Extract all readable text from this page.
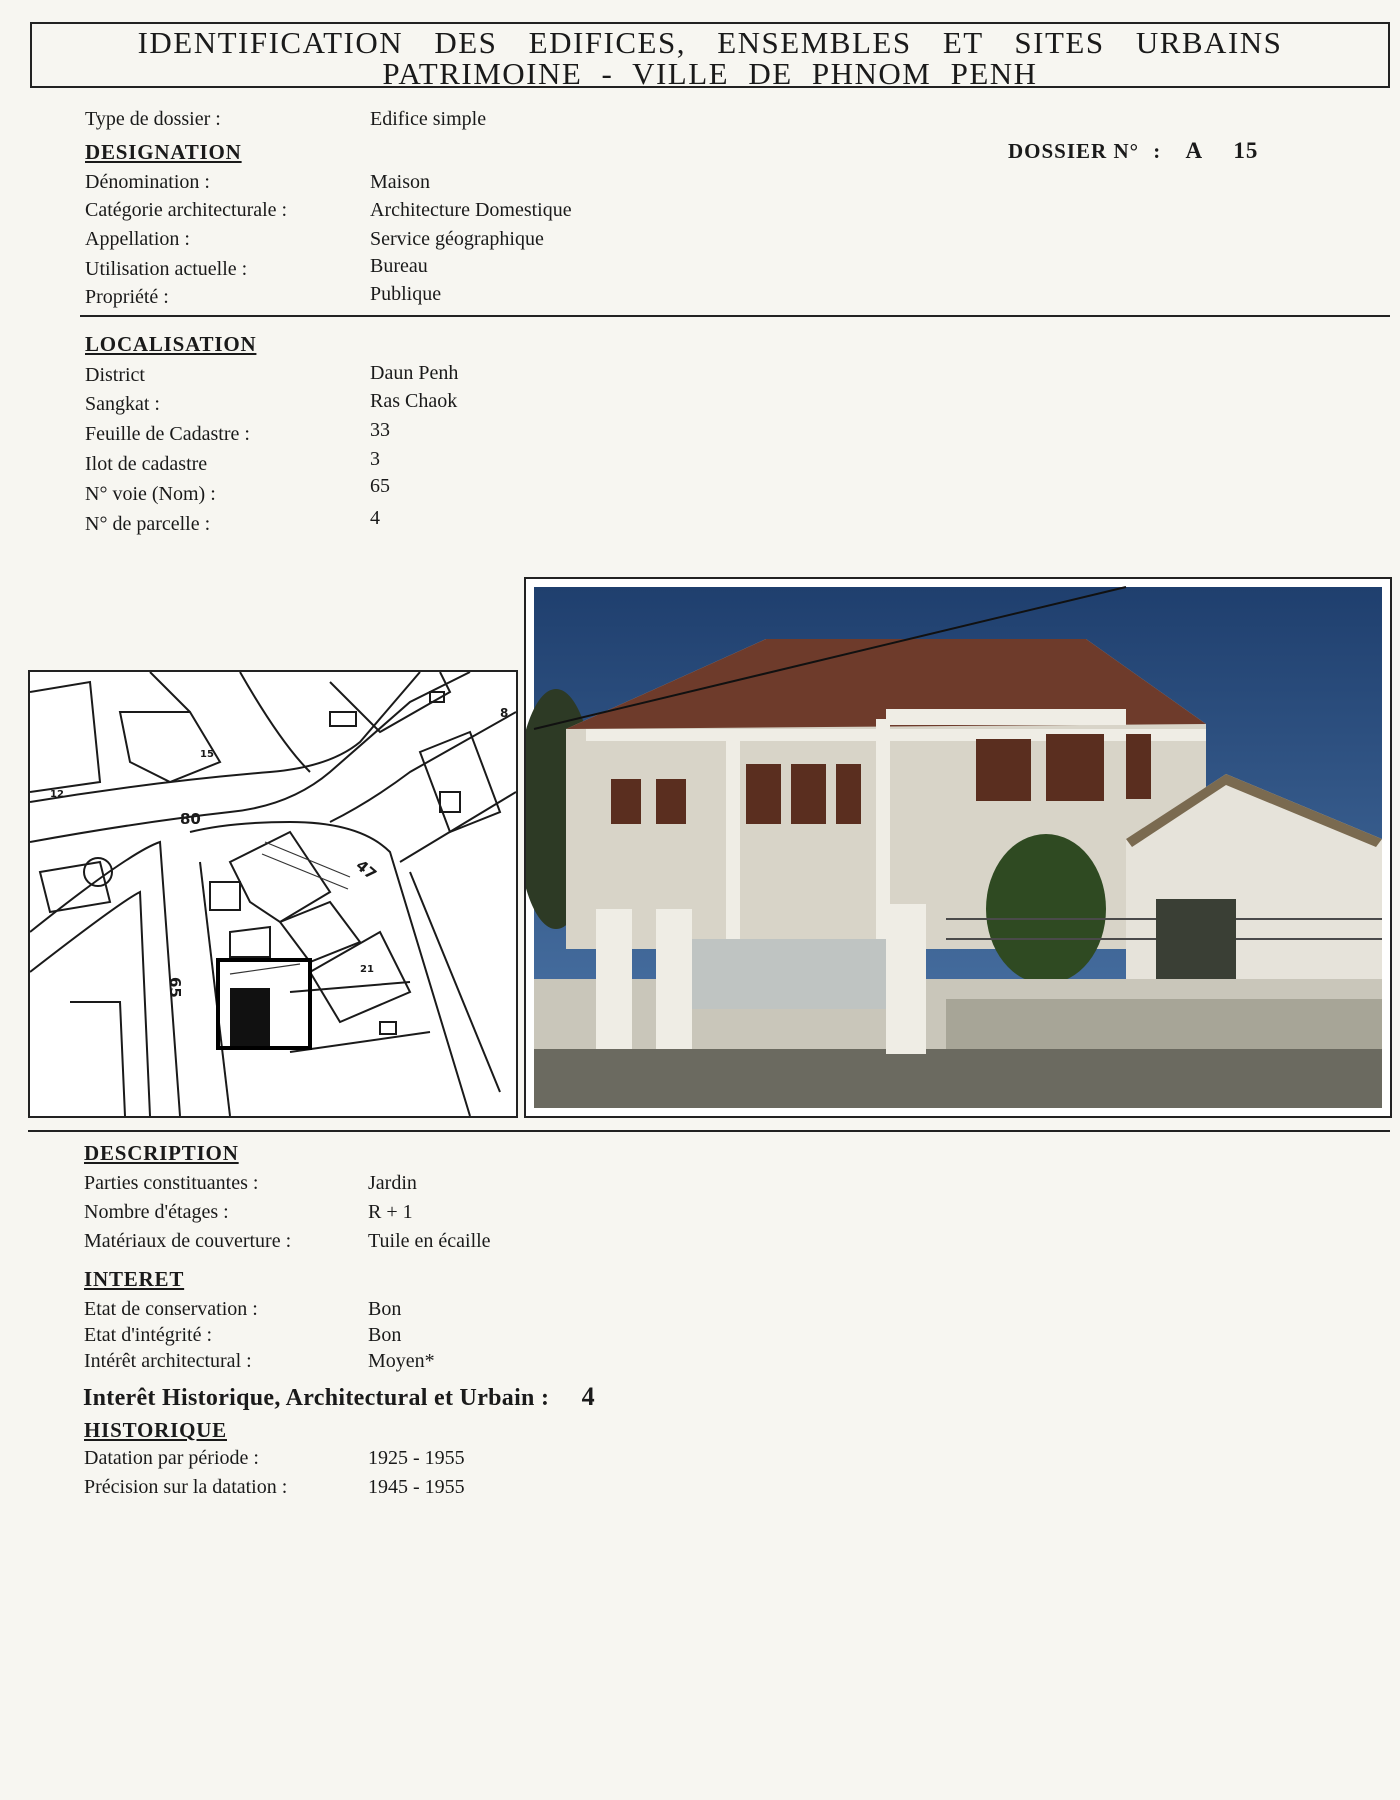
IDENTIFICATION DES EDIFICES, ENSEMBLES ET SITES URBAINS
PATRIMOINE - VILLE DE PHNOM PENH
Type de dossier :	Edifice simple
DESIGNATION	DOSSIER N° : A 15
Dénomination :	Maison
Catégorie architecturale :	Architecture Domestique
Appellation :	Service géographique
Utilisation actuelle :	Bureau
Propriété :	Publique
LOCALISATION
District	Daun Penh
Sangkat :	Ras Chaok
Feuille de Cadastre :	33
Ilot de cadastre	3
N° voie (Nom) :	65
N° de parcelle :	4
80
47
65
15
12
8
21
DESCRIPTION
Parties constituantes :	Jardin
Nombre d'étages :	R + 1
Matériaux de couverture :	Tuile en écaille
INTERET
Etat de conservation :	Bon
Etat d'intégrité :	Bon
Intérêt architectural :	Moyen*
Interêt Historique, Architectural et Urbain : 4
HISTORIQUE
Datation par période :	1925 - 1955
Précision sur la datation :	1945 - 1955
